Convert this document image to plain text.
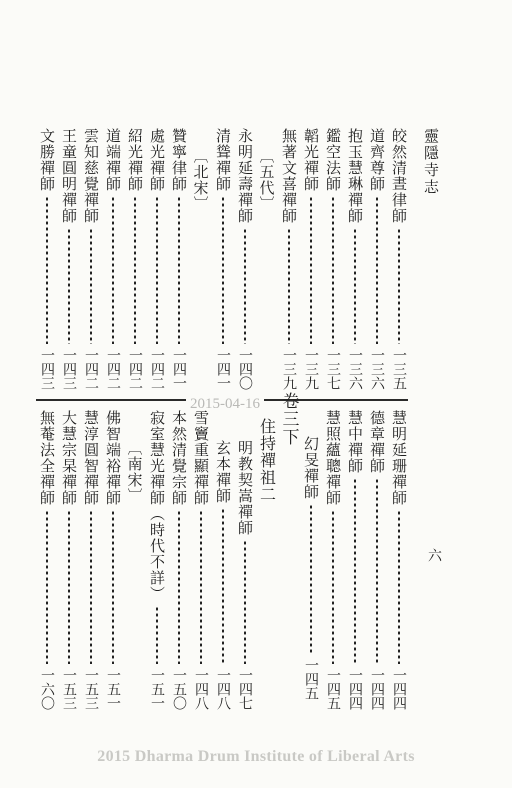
靈隱寺志
六
皎然清晝律師
一三五
道齊尊師
一三六
抱玉慧琳禪師
一三六
鑑空法師
一三七
韜光禪師
一三九
無著文喜禪師
一三九
〔五代〕
永明延壽禪師
一四〇
清聳禪師
一四一
〔北宋〕
贊寧律師
一四一
處光禪師
一四二
紹光禪師
一四二
道端禪師
一四二
雲知慈覺禪師
一四二
王童圓明禪師
一四三
文勝禪師
一四三
2015-04-16
慧明延珊禪師
一四四
德章禪師
一四四
慧中禪師
一四四
慧照蘊聰禪師
一四五
幻旻禪師
一四五
卷三下
住持禪祖二
明教契嵩禪師
一四七
玄本禪師
一四八
雪竇重顯禪師
一四八
本然清覺宗師
一五〇
寂室慧光禪師（時代不詳）
一五一
〔南宋〕
佛智端裕禪師
一五一
慧淳圓智禪師
一五三
大慧宗杲禪師
一五三
無菴法全禪師
一六〇
2015 Dharma Drum Institute of Liberal Arts
